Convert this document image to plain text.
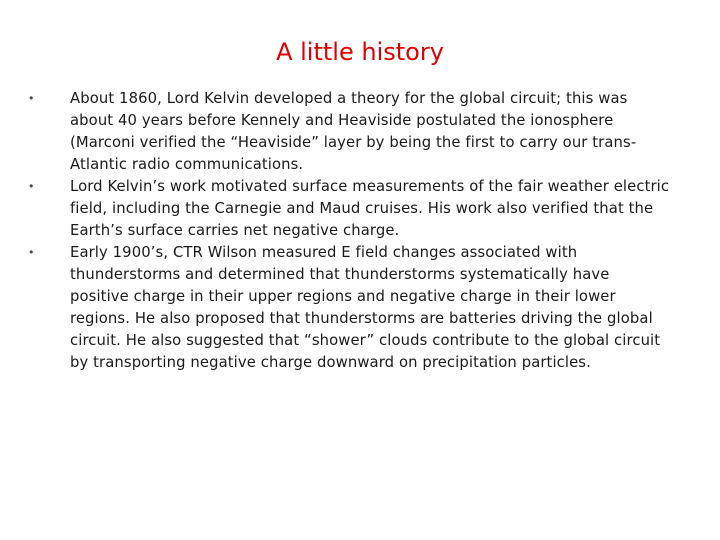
A little history
• About 1860, Lord Kelvin developed a theory for the global circuit; this was about 40 years before Kennely and Heaviside postulated the ionosphere (Marconi verified the “Heaviside” layer by being the first to carry our trans-Atlantic radio communications.
• Lord Kelvin’s work motivated surface measurements of the fair weather electric field, including the Carnegie and Maud cruises. His work also verified that the Earth’s surface carries net negative charge.
• Early 1900’s, CTR Wilson measured E field changes associated with thunderstorms and determined that thunderstorms systematically have positive charge in their upper regions and negative charge in their lower regions. He also proposed that thunderstorms are batteries driving the global circuit. He also suggested that “shower” clouds contribute to the global circuit by transporting negative charge downward on precipitation particles.
